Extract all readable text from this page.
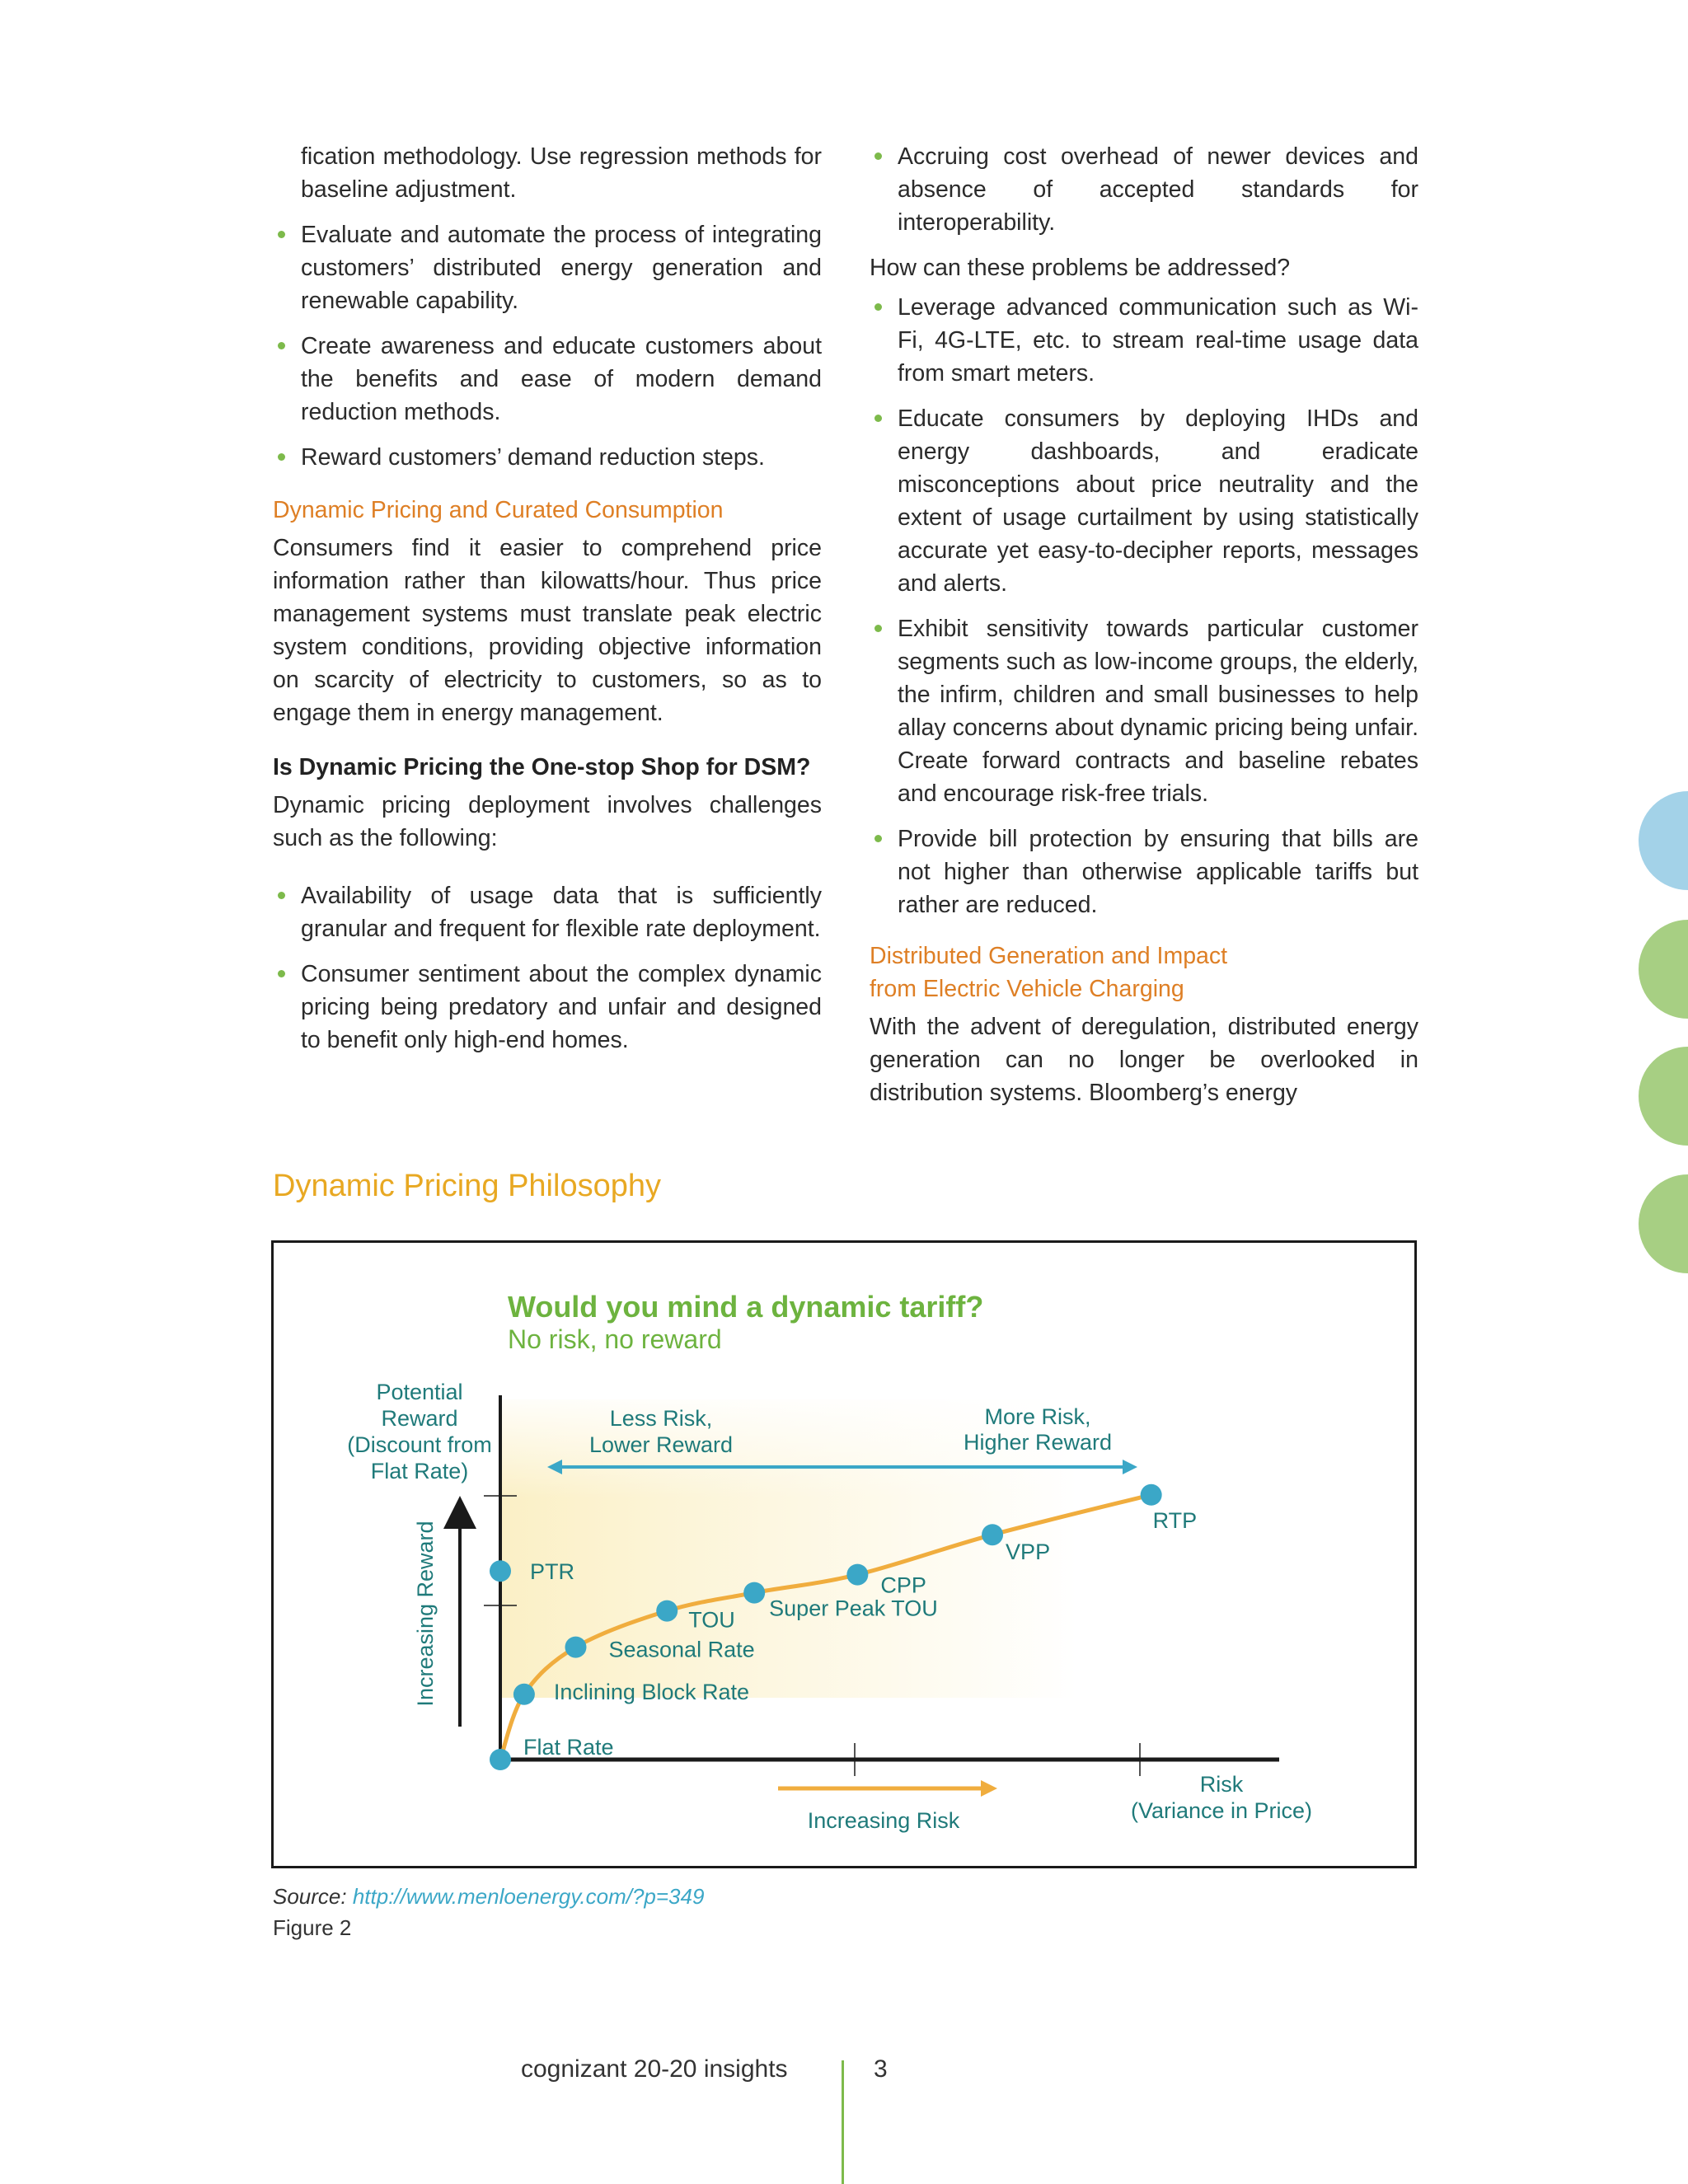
fication methodology. Use regression methods for baseline adjustment.
Evaluate and automate the process of integrating customers’ distributed energy generation and renewable capability.
Create awareness and educate customers about the benefits and ease of modern demand reduction methods.
Reward customers’ demand reduction steps.
Dynamic Pricing and Curated Consumption

Consumers find it easier to comprehend price information rather than kilowatts/hour. Thus price management systems must translate peak electric system conditions, providing objective information on scarcity of electricity to customers, so as to engage them in energy management.

Is Dynamic Pricing the One-stop Shop for DSM?

Dynamic pricing deployment involves challenges such as the following:

Availability of usage data that is sufficiently granular and frequent for flexible rate deployment.
Consumer sentiment about the complex dynamic pricing being predatory and unfair and designed to benefit only high-end homes.
Accruing cost overhead of newer devices and absence of accepted standards for interoperability.

How can these problems be addressed?

Leverage advanced communication such as Wi-Fi, 4G-LTE, etc. to stream real-time usage data from smart meters.
Educate consumers by deploying IHDs and energy dashboards, and eradicate misconceptions about price neutrality and the extent of usage curtailment by using statistically accurate yet easy-to-decipher reports, messages and alerts.
Exhibit sensitivity towards particular customer segments such as low-income groups, the elderly, the infirm, children and small businesses to help allay concerns about dynamic pricing being unfair. Create forward contracts and baseline rebates and encourage risk-free trials.
Provide bill protection by ensuring that bills are not higher than otherwise applicable tariffs but rather are reduced.
Distributed Generation and Impact
from Electric Vehicle Charging

With the advent of deregulation, distributed energy generation can no longer be overlooked in distribution systems. Bloomberg’s energy

Dynamic Pricing Philosophy
Would you mind a dynamic tariff?
No risk, no reward
Potential
Reward
(Discount from
Flat Rate)
Increasing Reward
Less Risk,
Lower Reward
More Risk,
Higher Reward
Increasing Risk
Risk
(Variance in Price)
Flat Rate
Inclining Block Rate
Seasonal Rate
TOU Super Peak TOU
CPP
VPP
RTP
PTR
Source: http://www.menloenergy.com/?p=349
Figure 2
cognizant 20-20 insights	3
